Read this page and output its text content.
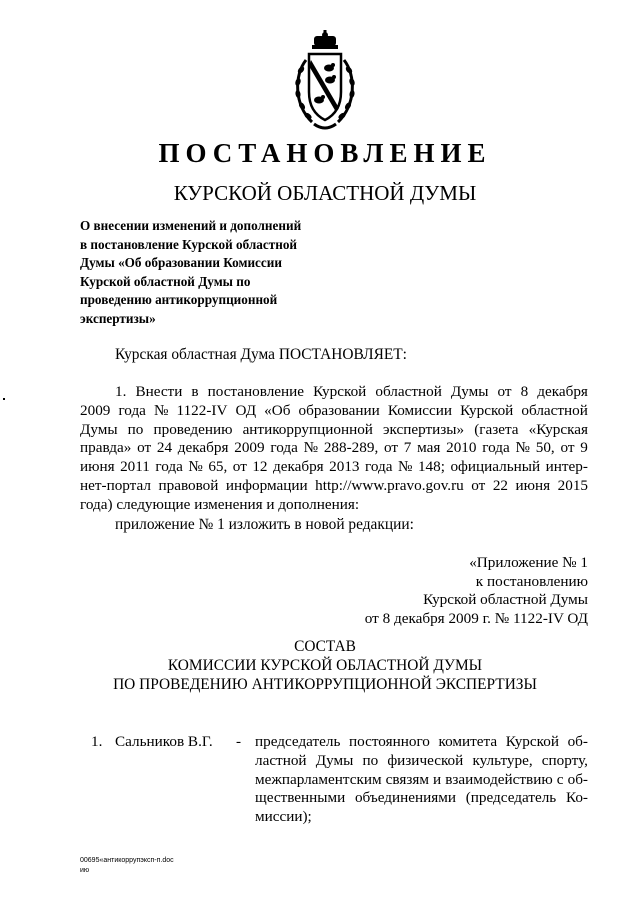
ПОСТАНОВЛЕНИЕ
КУРСКОЙ ОБЛАСТНОЙ ДУМЫ
О внесении изменений и дополнений
в постановление Курской областной
Думы «Об образовании Комиссии
Курской областной Думы по
проведению антикоррупционной
экспертизы»
Курская областная Дума ПОСТАНОВЛЯЕТ:
1. Внести в постановление Курской областной Думы от 8 декабря
2009 года № 1122-IV ОД «Об образовании Комиссии Курской областной
Думы по проведению антикоррупционной экспертизы» (газета «Курская
правда» от 24 декабря 2009 года № 288-289, от 7 мая 2010 года № 50, от 9
июня 2011 года № 65, от 12 декабря 2013 года № 148; официальный интер-
нет-портал правовой информации http://www.pravo.gov.ru от 22 июня 2015
года) следующие изменения и дополнения:
приложение № 1 изложить в новой редакции:
«Приложение № 1
к постановлению
Курской областной Думы
от 8 декабря 2009 г. № 1122-IV ОД
СОСТАВ
КОМИССИИ КУРСКОЙ ОБЛАСТНОЙ ДУМЫ
ПО ПРОВЕДЕНИЮ АНТИКОРРУПЦИОННОЙ ЭКСПЕРТИЗЫ
1. Сальников В.Г. - председатель постоянного комитета Курской об-
ластной Думы по физической культуре, спорту,
межпарламентским связям и взаимодействию с об-
щественными объединениями (председатель Ко-
миссии);
00695«антикоррупэксп-п.doc
ию
